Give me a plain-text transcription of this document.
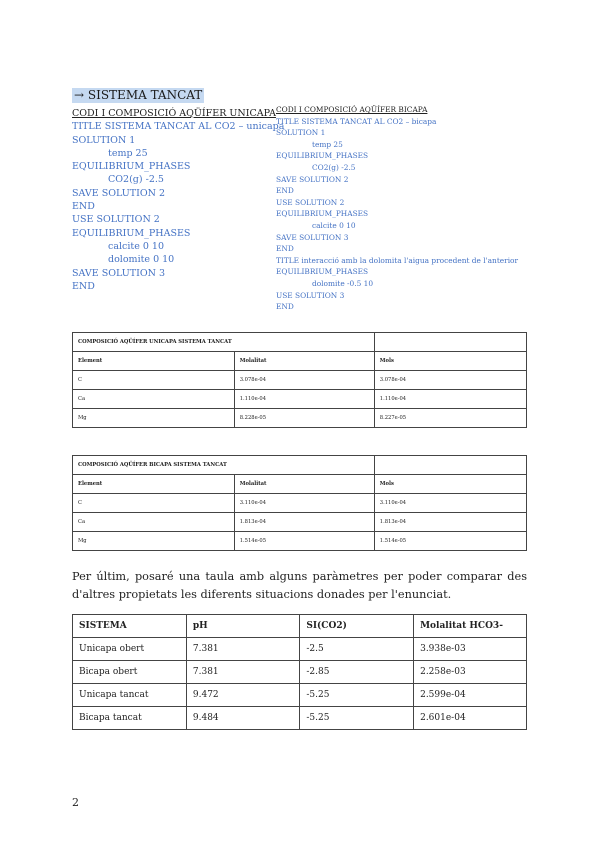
→ SISTEMA TANCAT
CODI I COMPOSICIÓ AQÜÍFER UNICAPA
TITLE SISTEMA TANCAT AL CO2 – unicapa
SOLUTION 1
temp 25
EQUILIBRIUM_PHASES
CO2(g) -2.5
SAVE SOLUTION 2
END
USE SOLUTION 2
EQUILIBRIUM_PHASES
calcite 0 10
dolomite 0 10
SAVE SOLUTION 3
END
CODI I COMPOSICIÓ AQÜÍFER BICAPA
TITLE SISTEMA TANCAT AL CO2 – bicapa
SOLUTION 1
temp 25
EQUILIBRIUM_PHASES
CO2(g) -2.5
SAVE SOLUTION 2
END
USE SOLUTION 2
EQUILIBRIUM_PHASES
calcite 0 10
SAVE SOLUTION 3
END
TITLE interacció amb la dolomita l'aigua procedent de l'anterior
EQUILIBRIUM_PHASES
dolomite -0.5 10
USE SOLUTION 3
END
COMPOSICIÓ AQÜÍFER UNICAPA SISTEMA TANCAT		
Element	Molalitat	Mols
C	3.078e-04	3.078e-04
Ca	1.110e-04	1.110e-04
Mg	8.228e-05	8.227e-05
COMPOSICIÓ AQÜÍFER BICAPA SISTEMA TANCAT		
Element	Molalitat	Mols
C	3.110e-04	3.110e-04
Ca	1.813e-04	1.813e-04
Mg	1.514e-05	1.514e-05
Per últim, posaré una taula amb alguns paràmetres per poder comparar des d'altres propietats les diferents situacions donades per l'enunciat.
SISTEMA	pH	SI(CO2)	Molalitat HCO3-
Unicapa obert	7.381	-2.5	3.938e-03
Bicapa obert	7.381	-2.85	2.258e-03
Unicapa tancat	9.472	-5.25	2.599e-04
Bicapa tancat	9.484	-5.25	2.601e-04
2
